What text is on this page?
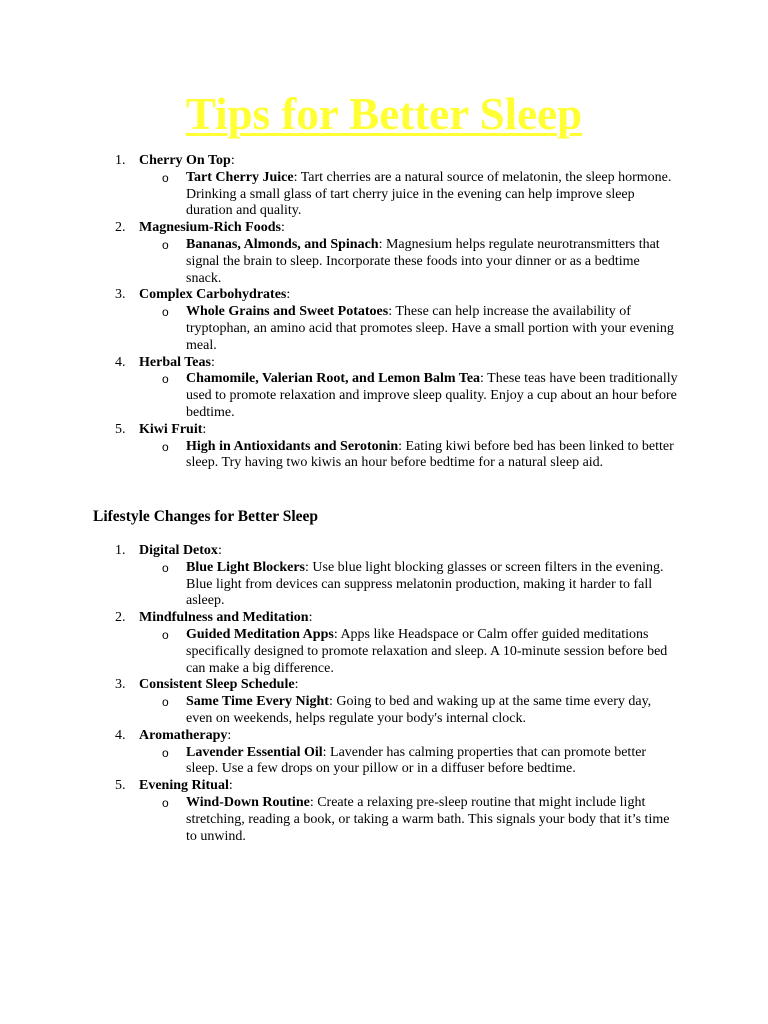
Tips for Better Sleep
1. Cherry On Top:
o Tart Cherry Juice: Tart cherries are a natural source of melatonin, the sleep hormone. Drinking a small glass of tart cherry juice in the evening can help improve sleep duration and quality.
2. Magnesium-Rich Foods:
o Bananas, Almonds, and Spinach: Magnesium helps regulate neurotransmitters that signal the brain to sleep. Incorporate these foods into your dinner or as a bedtime snack.
3. Complex Carbohydrates:
o Whole Grains and Sweet Potatoes: These can help increase the availability of tryptophan, an amino acid that promotes sleep. Have a small portion with your evening meal.
4. Herbal Teas:
o Chamomile, Valerian Root, and Lemon Balm Tea: These teas have been traditionally used to promote relaxation and improve sleep quality. Enjoy a cup about an hour before bedtime.
5. Kiwi Fruit:
o High in Antioxidants and Serotonin: Eating kiwi before bed has been linked to better sleep. Try having two kiwis an hour before bedtime for a natural sleep aid.
Lifestyle Changes for Better Sleep
1. Digital Detox:
o Blue Light Blockers: Use blue light blocking glasses or screen filters in the evening. Blue light from devices can suppress melatonin production, making it harder to fall asleep.
2. Mindfulness and Meditation:
o Guided Meditation Apps: Apps like Headspace or Calm offer guided meditations specifically designed to promote relaxation and sleep. A 10-minute session before bed can make a big difference.
3. Consistent Sleep Schedule:
o Same Time Every Night: Going to bed and waking up at the same time every day, even on weekends, helps regulate your body's internal clock.
4. Aromatherapy:
o Lavender Essential Oil: Lavender has calming properties that can promote better sleep. Use a few drops on your pillow or in a diffuser before bedtime.
5. Evening Ritual:
o Wind-Down Routine: Create a relaxing pre-sleep routine that might include light stretching, reading a book, or taking a warm bath. This signals your body that it’s time to unwind.
